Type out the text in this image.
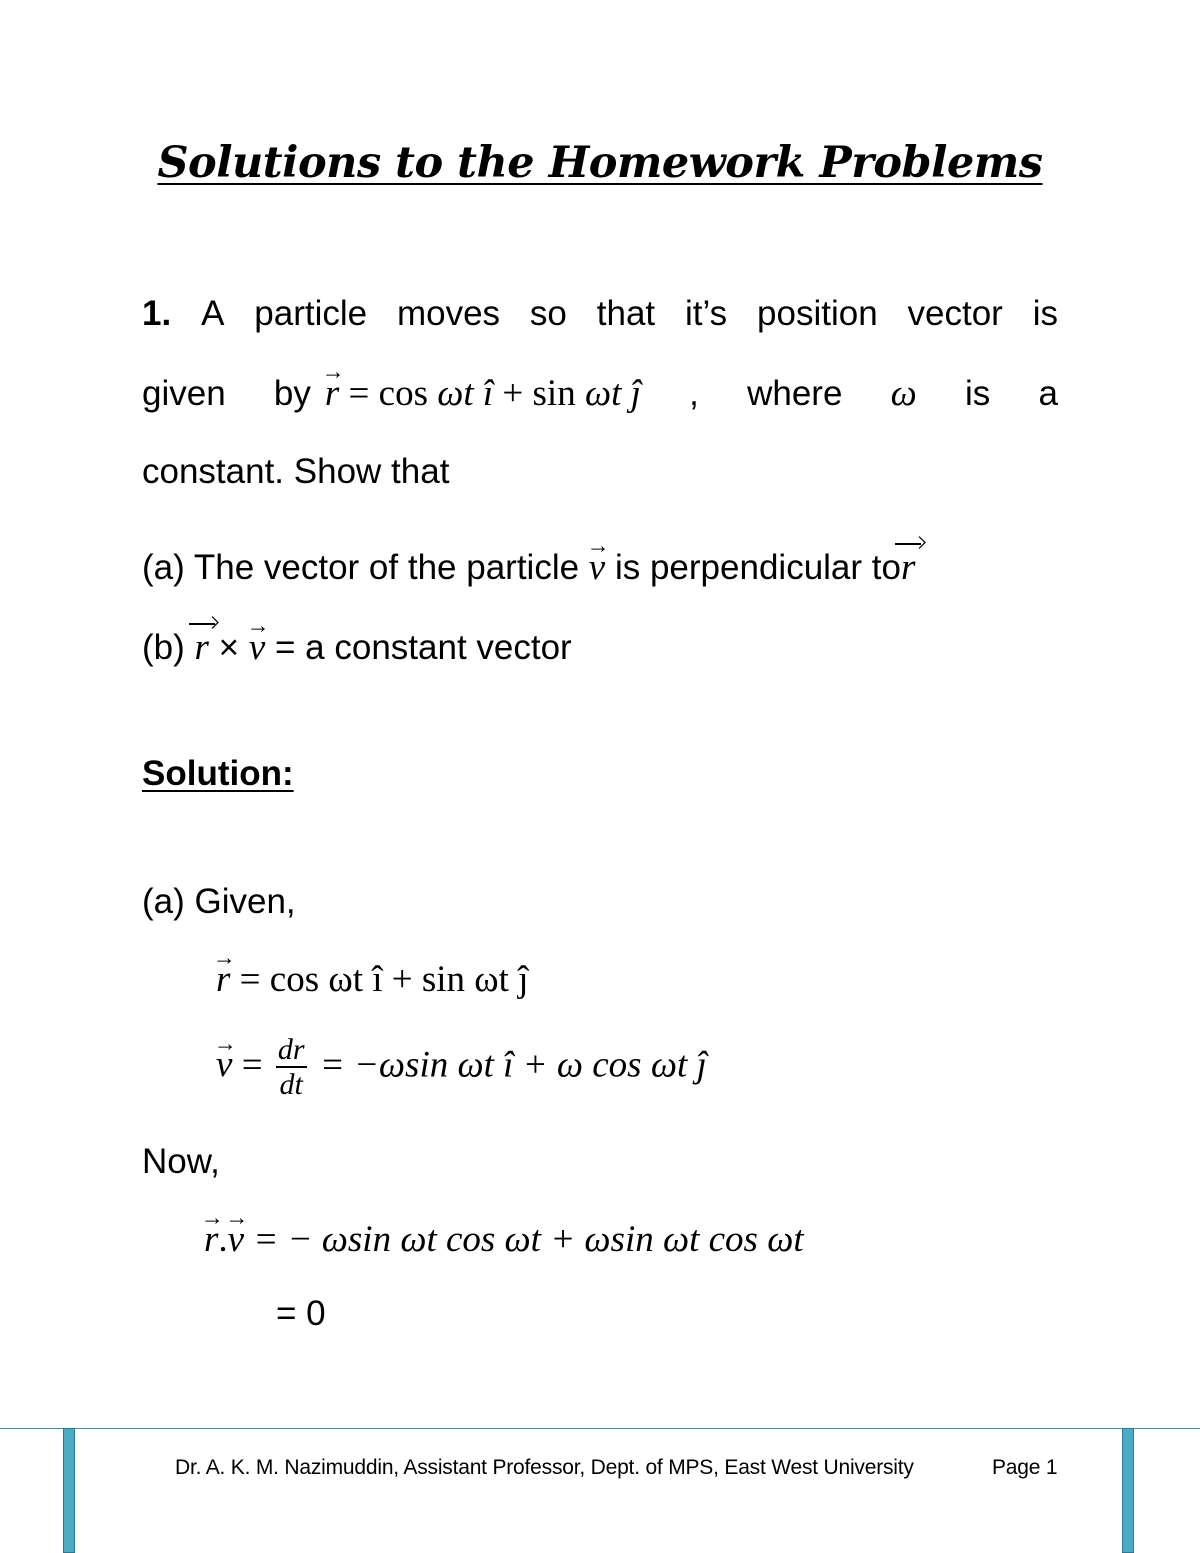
Solutions to the Homework Problems
1. A particle moves so that it’s position vector is
given by → r = cos ωt î + sin ωt ĵ , where ω is a
constant. Show that
(a) The vector of the particle → v is perpendicular tor
(b) r × → v = a constant vector
Solution:
(a) Given,
→ r = cos ωt î + sin ωt ĵ
→ $v = \frac{dr}{dt} = -\omega\sin$ ωt î + ω cos ωt ĵ
Now,
→ r.→ v = − ωsin ωt cos ωt + ωsin ωt cos ωt
= 0
Dr. A. K. M. Nazimuddin, Assistant Professor, Dept. of MPS, East West University	Page 1
